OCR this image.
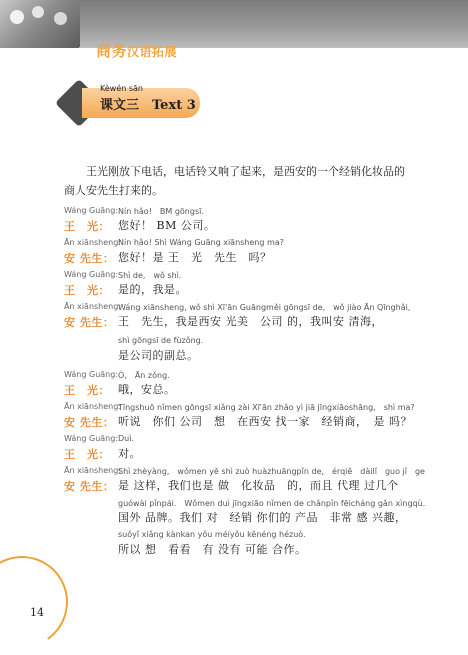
商务汉语拓展
Kèwén sān
课文三　Text 3
王光刚放下电话，电话铃又响了起来，是西安的一个经销化妆品的商人安先生打来的。
Wáng Guāng:
王　光：
Nín hǎo!　BM gōngsī.
您好！ BM 公司。
Ān xiānsheng:
安 先生：
Nín hǎo! Shì Wáng Guāng xiānsheng ma?
您好！是 王　光　先生　吗？
Wáng Guāng:
王　光：
Shì de,　wǒ shì.
是的，我是。
Ān xiānsheng:
安 先生：
Wáng xiānsheng, wǒ shì Xī'ān Guāngměi gōngsī de,　wǒ jiào Ān Qīnghǎi,
王　先生，我是西安 光美　公司 的，我叫安 清海，
shì gōngsī de fùzǒng.
是公司的副总。
Wáng Guāng:
王　光：
Ò,　Ān zǒng.
哦，安总。
Ān xiānsheng:
安 先生：
Tīngshuō nǐmen gōngsī xiǎng zài Xī'ān zhǎo yì jiā jīngxiāoshāng,　shì ma?
听说　你们 公司　想　在西安 找一家　经销商，　是 吗？
Wáng Guāng:
王　光：
Duì.
对。
Ān xiānsheng:
安 先生：
Shì zhèyàng,　wǒmen yě shì zuò huàzhuāngpǐn de,　érqiě　dàilǐ　guo jǐ　ge
是 这样，我们也是 做　化妆品　的，而且 代理 过几个
guówài pǐnpái.　Wǒmen duì jīngxiāo nǐmen de chǎnpǐn fēicháng gǎn xìngqù.
国外 品牌。我们 对　经销 你们的 产品　非常 感 兴趣，
suǒyǐ xiǎng kànkan yǒu méiyǒu kěnéng hézuò.
所以 想　看看　有 没有 可能 合作。
14
